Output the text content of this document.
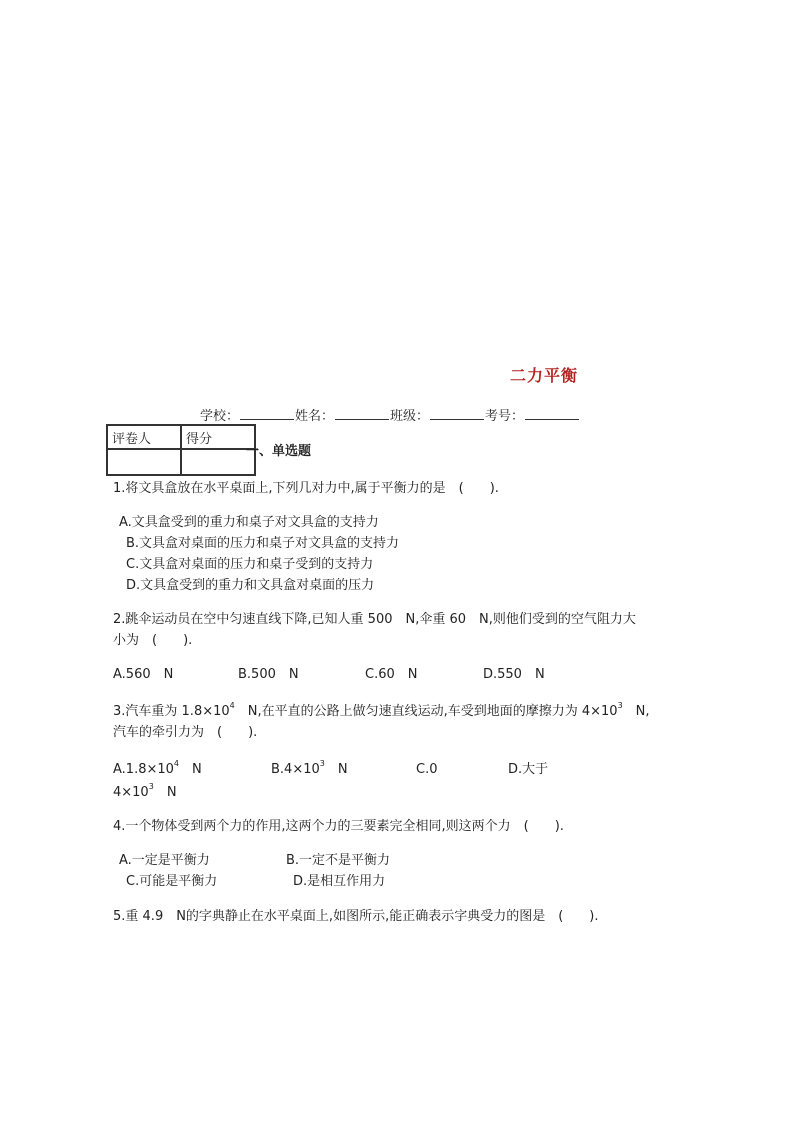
二力平衡
学校：	姓名：	班级：	考号：
评卷人	得分

一、单选题
1.将文具盒放在水平桌面上,下列几对力中,属于平衡力的是　(　　).
A.文具盒受到的重力和桌子对文具盒的支持力
B.文具盒对桌面的压力和桌子对文具盒的支持力
C.文具盒对桌面的压力和桌子受到的支持力
D.文具盒受到的重力和文具盒对桌面的压力
2.跳伞运动员在空中匀速直线下降,已知人重 500　N,伞重 60　N,则他们受到的空气阻力大
小为　(　　).
A.560　N	B.500　N	C.60　N	D.550　N
3.汽车重为 $1.8\times 10^4$　N,在平直的公路上做匀速直线运动,车受到地面的摩擦力为 $4\times 10^3$　N,
汽车的牵引力为　(　　).
$A.1.8\times 10^4$　N	$B.4\times 10^3$　N	C.0	D.大于
$4\times 10^3$　N
4.一个物体受到两个力的作用,这两个力的三要素完全相同,则这两个力　(　　).
A.一定是平衡力	B.一定不是平衡力
C.可能是平衡力	D.是相互作用力
5.重 4.9　N的字典静止在水平桌面上,如图所示,能正确表示字典受力的图是　(　　).
